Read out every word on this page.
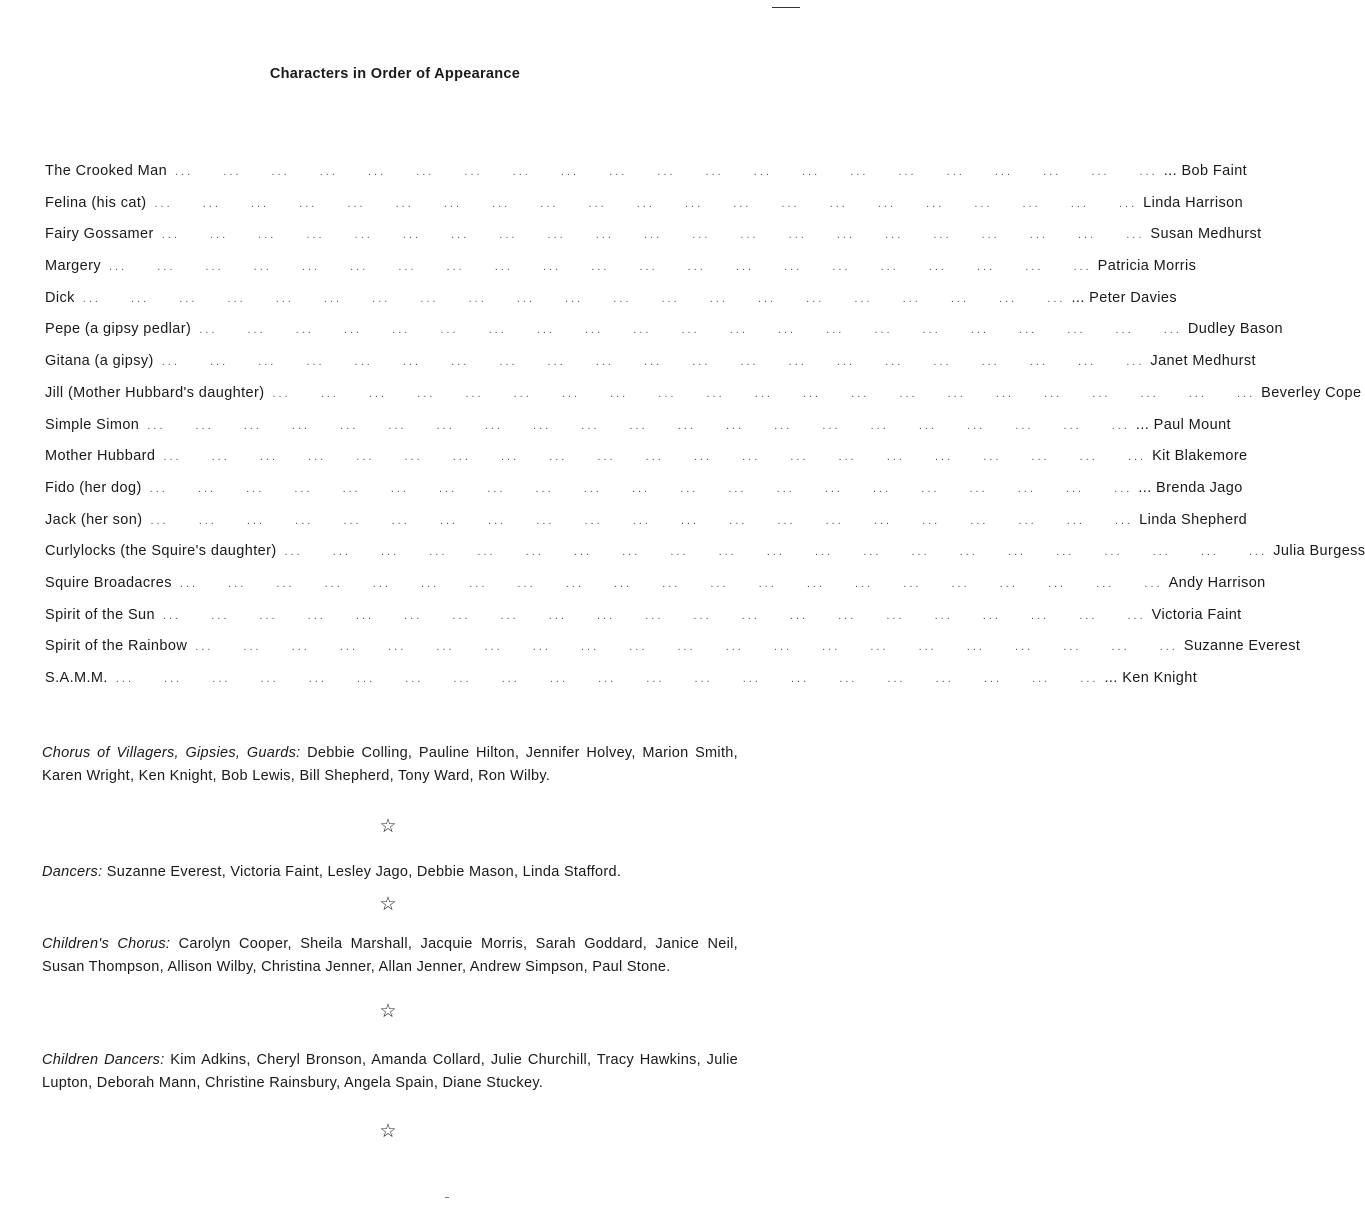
Characters in Order of Appearance
The Crooked Man ... ... ... ... ... ... ... ... ... ... ... ... ... ... ... ... ... ... ... ... ... ... Bob Faint
Felina (his cat) ... ... ... ... ... ... ... ... ... ... ... ... ... ... ... ... ... ... ... ... ... Linda Harrison
Fairy Gossamer ... ... ... ... ... ... ... ... ... ... ... ... ... ... ... ... ... ... ... ... ... Susan Medhurst
Margery ... ... ... ... ... ... ... ... ... ... ... ... ... ... ... ... ... ... ... ... ... Patricia Morris
Dick ... ... ... ... ... ... ... ... ... ... ... ... ... ... ... ... ... ... ... ... ... ... Peter Davies
Pepe (a gipsy pedlar) ... ... ... ... ... ... ... ... ... ... ... ... ... ... ... ... ... ... ... ... ... Dudley Bason
Gitana (a gipsy) ... ... ... ... ... ... ... ... ... ... ... ... ... ... ... ... ... ... ... ... ... Janet Medhurst
Jill (Mother Hubbard's daughter) ... ... ... ... ... ... ... ... ... ... ... ... ... ... ... ... ... ... ... ... ... Beverley Cope
Simple Simon ... ... ... ... ... ... ... ... ... ... ... ... ... ... ... ... ... ... ... ... ... ... Paul Mount
Mother Hubbard ... ... ... ... ... ... ... ... ... ... ... ... ... ... ... ... ... ... ... ... ... Kit Blakemore
Fido (her dog) ... ... ... ... ... ... ... ... ... ... ... ... ... ... ... ... ... ... ... ... ... ... Brenda Jago
Jack (her son) ... ... ... ... ... ... ... ... ... ... ... ... ... ... ... ... ... ... ... ... ... Linda Shepherd
Curlylocks (the Squire's daughter) ... ... ... ... ... ... ... ... ... ... ... ... ... ... ... ... ... ... ... ... ... Julia Burgess
Squire Broadacres ... ... ... ... ... ... ... ... ... ... ... ... ... ... ... ... ... ... ... ... ... Andy Harrison
Spirit of the Sun ... ... ... ... ... ... ... ... ... ... ... ... ... ... ... ... ... ... ... ... ... Victoria Faint
Spirit of the Rainbow ... ... ... ... ... ... ... ... ... ... ... ... ... ... ... ... ... ... ... ... ... Suzanne Everest
S.A.M.M. ... ... ... ... ... ... ... ... ... ... ... ... ... ... ... ... ... ... ... ... ... ... Ken Knight
Chorus of Villagers, Gipsies, Guards: Debbie Colling, Pauline Hilton, Jennifer Holvey, Marion Smith, Karen Wright, Ken Knight, Bob Lewis, Bill Shepherd, Tony Ward, Ron Wilby.
☆
Dancers: Suzanne Everest, Victoria Faint, Lesley Jago, Debbie Mason, Linda Stafford.
☆
Children's Chorus: Carolyn Cooper, Sheila Marshall, Jacquie Morris, Sarah Goddard, Janice Neil, Susan Thompson, Allison Wilby, Christina Jenner, Allan Jenner, Andrew Simpson, Paul Stone.
☆
Children Dancers: Kim Adkins, Cheryl Bronson, Amanda Collard, Julie Churchill, Tracy Hawkins, Julie Lupton, Deborah Mann, Christine Rainsbury, Angela Spain, Diane Stuckey.
☆
